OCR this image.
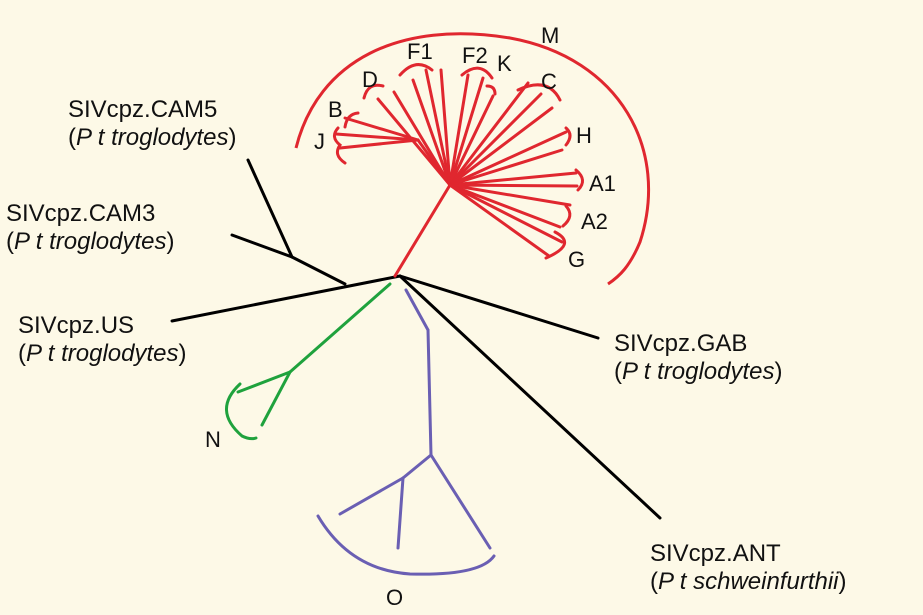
SIVcpz.CAM5
(P t troglodytes)
SIVcpz.CAM3
(P t troglodytes)
SIVcpz.US
(P t troglodytes)	SIVcpz.GAB
(P t troglodytes)
SIVcpz.ANT
(P t schweinfurthii)
M
N
O
J
B
D
F1 F2 K
C
H
A1
A2
G
